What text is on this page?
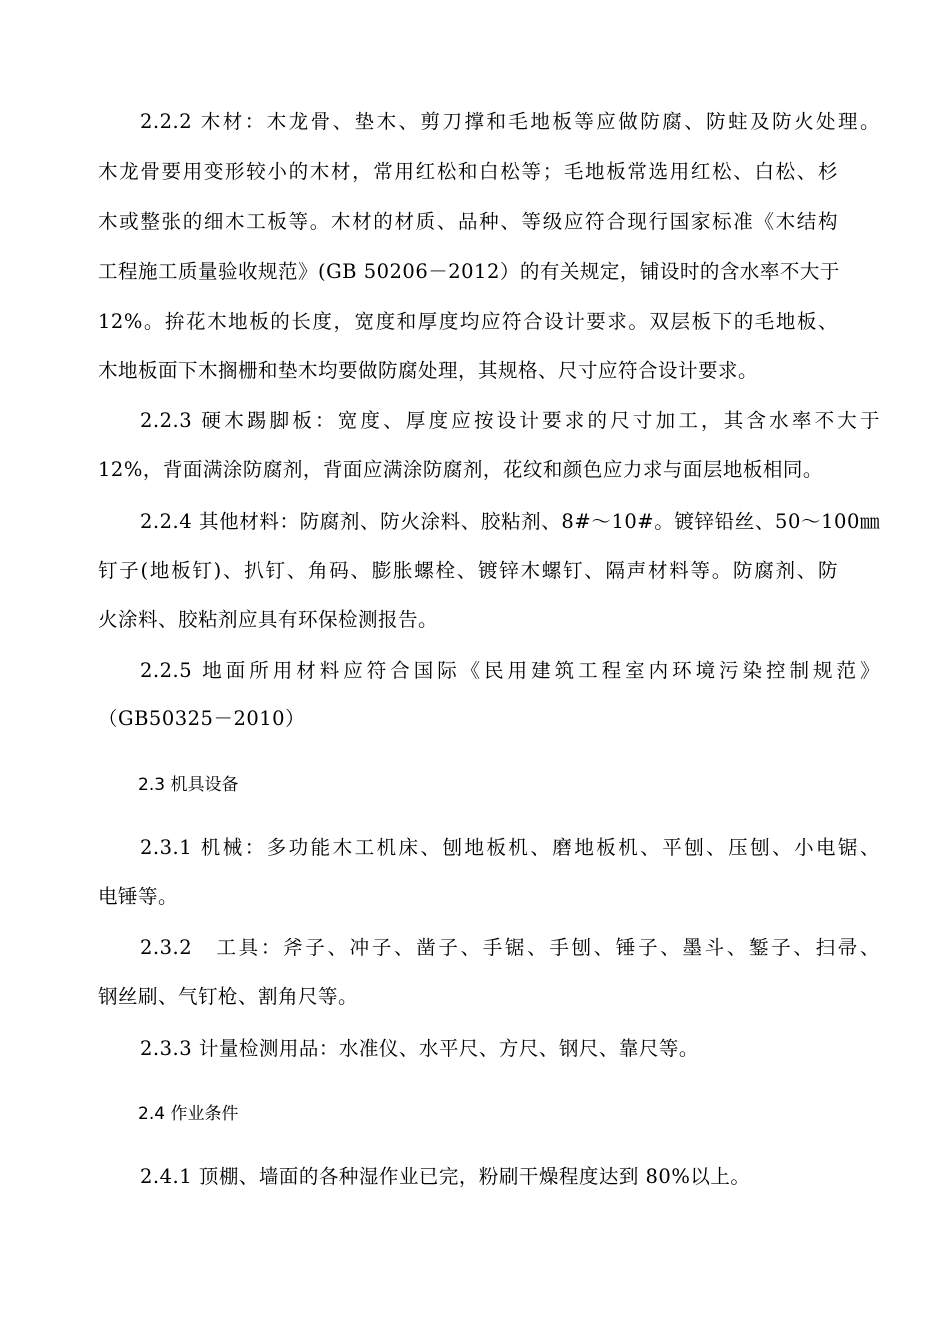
2.2.2 木材：木龙骨、垫木、剪刀撑和毛地板等应做防腐、防蛀及防火处理。
木龙骨要用变形较小的木材，常用红松和白松等；毛地板常选用红松、白松、杉
木或整张的细木工板等。木材的材质、品种、等级应符合现行国家标准《木结构
工程施工质量验收规范》(GB 50206－2012）的有关规定，铺设时的含水率不大于
12%。拚花木地板的长度，宽度和厚度均应符合设计要求。双层板下的毛地板、
木地板面下木搁栅和垫木均要做防腐处理，其规格、尺寸应符合设计要求。
2.2.3 硬木踢脚板：宽度、厚度应按设计要求的尺寸加工，其含水率不大于
12%，背面满涂防腐剂，背面应满涂防腐剂，花纹和颜色应力求与面层地板相同。
2.2.4 其他材料：防腐剂、防火涂料、胶粘剂、8#～10#。镀锌铅丝、50～100㎜
钉子(地板钉)、扒钉、角码、膨胀螺栓、镀锌木螺钉、隔声材料等。防腐剂、防
火涂料、胶粘剂应具有环保检测报告。
2.2.5 地面所用材料应符合国际《民用建筑工程室内环境污染控制规范》
（GB50325－2010）
2.3 机具设备
2.3.1 机械：多功能木工机床、刨地板机、磨地板机、平刨、压刨、小电锯、
电锤等。
2.3.2　工具：斧子、冲子、凿子、手锯、手刨、锤子、墨斗、錾子、扫帚、
钢丝刷、气钉枪、割角尺等。
2.3.3 计量检测用品：水准仪、水平尺、方尺、钢尺、靠尺等。
2.4 作业条件
2.4.1 顶棚、墙面的各种湿作业已完，粉刷干燥程度达到 80%以上。
